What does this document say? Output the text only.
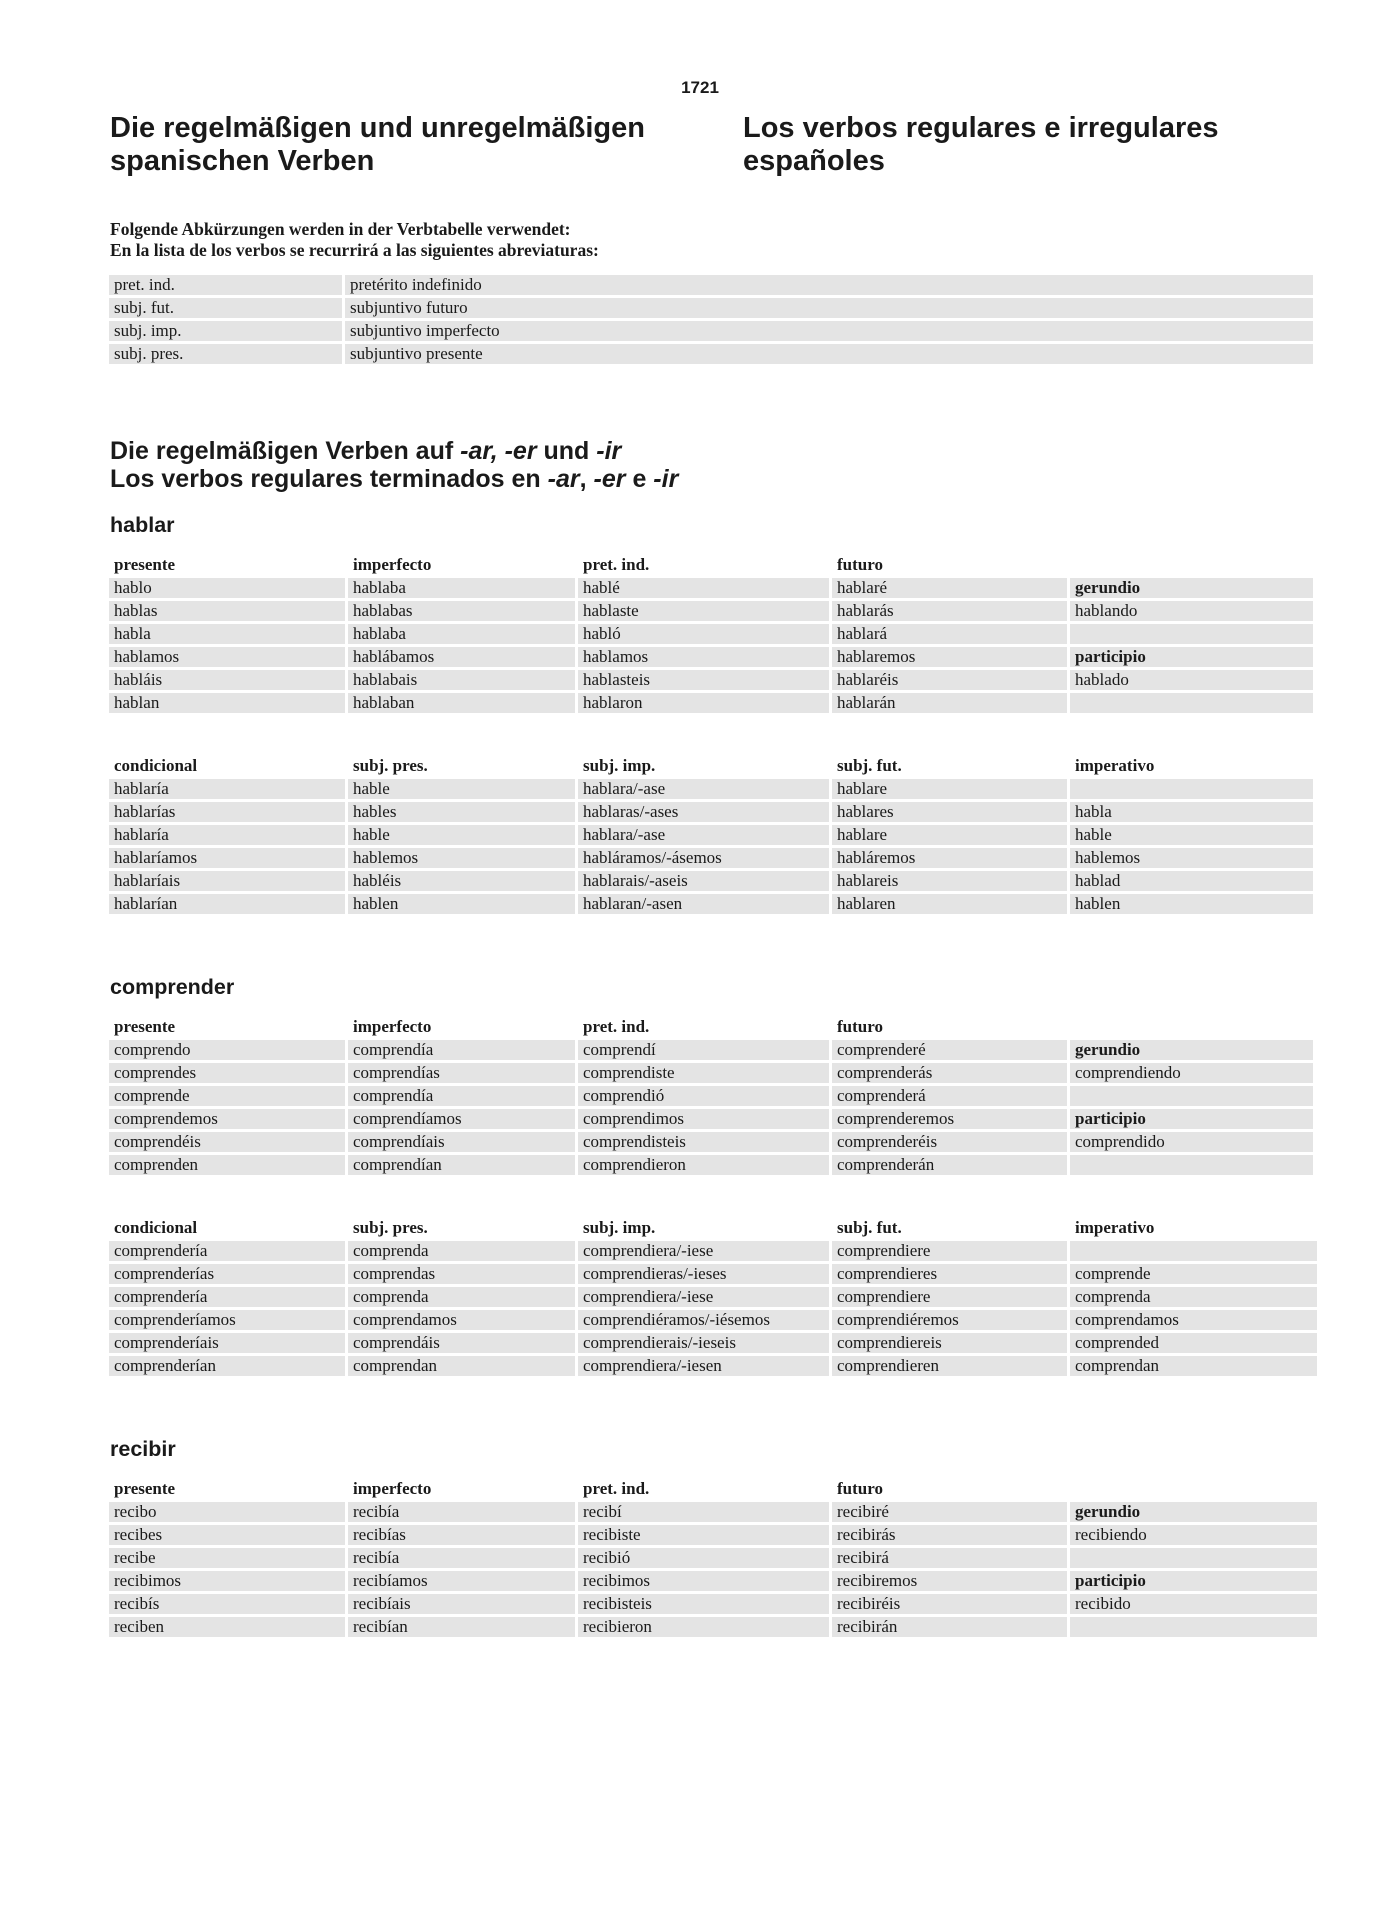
1721
Die regelmäßigen und unregelmäßigen
spanischen Verben
Los verbos regulares e irregulares
españoles
Folgende Abkürzungen werden in der Verbtabelle verwendet:
En la lista de los verbos se recurrirá a las siguientes abreviaturas:
pret. ind.	pretérito indefinido
subj. fut.	subjuntivo futuro
subj. imp.	subjuntivo imperfecto
subj. pres.	subjuntivo presente
Die regelmäßigen Verben auf -ar, -er und -ir
Los verbos regulares terminados en -ar, -er e -ir
hablar
presente	imperfecto	pret. ind.	futuro	
hablo	hablaba	hablé	hablaré	gerundio
hablas	hablabas	hablaste	hablarás	hablando
habla	hablaba	habló	hablará	
hablamos	hablábamos	hablamos	hablaremos	participio
habláis	hablabais	hablasteis	hablaréis	hablado
hablan	hablaban	hablaron	hablarán	
condicional	subj. pres.	subj. imp.	subj. fut.	imperativo
hablaría	hable	hablara/-ase	hablare	
hablarías	hables	hablaras/-ases	hablares	habla
hablaría	hable	hablara/-ase	hablare	hable
hablaríamos	hablemos	habláramos/-ásemos	habláremos	hablemos
hablaríais	habléis	hablarais/-aseis	hablareis	hablad
hablarían	hablen	hablaran/-asen	hablaren	hablen
comprender
presente	imperfecto	pret. ind.	futuro	
comprendo	comprendía	comprendí	comprenderé	gerundio
comprendes	comprendías	comprendiste	comprenderás	comprendiendo
comprende	comprendía	comprendió	comprenderá	
comprendemos	comprendíamos	comprendimos	comprenderemos	participio
comprendéis	comprendíais	comprendisteis	comprenderéis	comprendido
comprenden	comprendían	comprendieron	comprenderán	
condicional	subj. pres.	subj. imp.	subj. fut.	imperativo
comprendería	comprenda	comprendiera/-iese	comprendiere	
comprenderías	comprendas	comprendieras/-ieses	comprendieres	comprende
comprendería	comprenda	comprendiera/-iese	comprendiere	comprenda
comprenderíamos	comprendamos	comprendiéramos/-iésemos	comprendiéremos	comprendamos
comprenderíais	comprendáis	comprendierais/-ieseis	comprendiereis	comprended
comprenderían	comprendan	comprendiera/-iesen	comprendieren	comprendan
recibir
presente	imperfecto	pret. ind.	futuro	
recibo	recibía	recibí	recibiré	gerundio
recibes	recibías	recibiste	recibirás	recibiendo
recibe	recibía	recibió	recibirá	
recibimos	recibíamos	recibimos	recibiremos	participio
recibís	recibíais	recibisteis	recibiréis	recibido
reciben	recibían	recibieron	recibirán	
